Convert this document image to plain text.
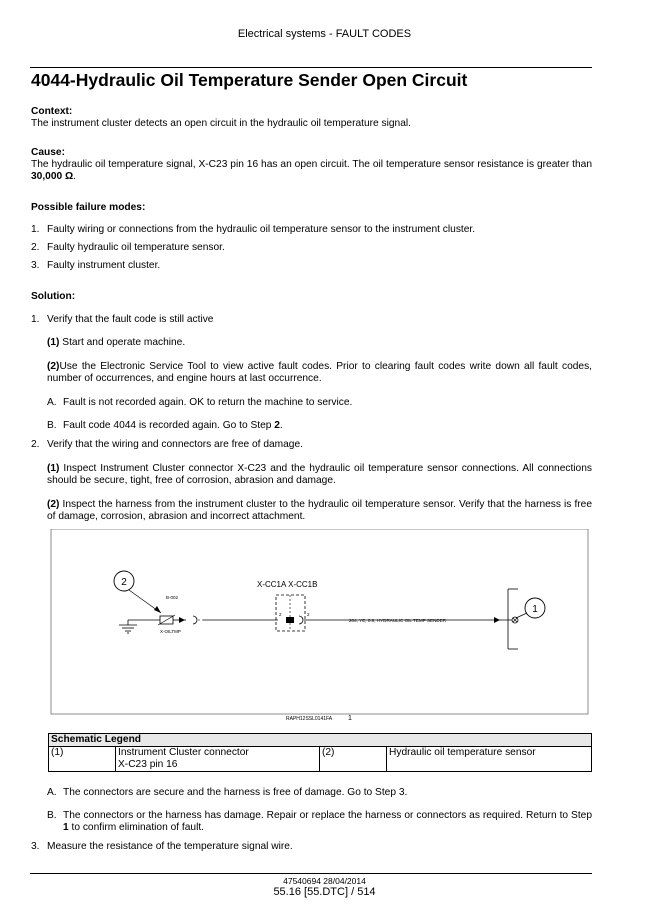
Electrical systems - FAULT CODES
4044-Hydraulic Oil Temperature Sender Open Circuit
Context:
The instrument cluster detects an open circuit in the hydraulic oil temperature signal.
Cause:
The hydraulic oil temperature signal, X-C23 pin 16 has an open circuit. The oil temperature sensor resistance is greater than 30,000 Ω.
Possible failure modes:
1. Faulty wiring or connections from the hydraulic oil temperature sensor to the instrument cluster.
2. Faulty hydraulic oil temperature sensor.
3. Faulty instrument cluster.
Solution:
1. Verify that the fault code is still active
(1) Start and operate machine.
(2)Use the Electronic Service Tool to view active fault codes. Prior to clearing fault codes write down all fault codes, number of occurrences, and engine hours at last occurrence.
A. Fault is not recorded again. OK to return the machine to service.
B. Fault code 4044 is recorded again. Go to Step 2.
2. Verify that the wiring and connectors are free of damage.
(1) Inspect Instrument Cluster connector X-C23 and the hydraulic oil temperature sensor connections. All connections should be secure, tight, free of corrosion, abrasion and damage.
(2) Inspect the harness from the instrument cluster to the hydraulic oil temperature sensor. Verify that the harness is free of damage, corrosion, abrasion and incorrect attachment.
2
B-002
X-OILTMP
X-CC1A X-CC1B
2	2
204, YE, 0.8, HYDRAULIC OIL TEMP SENDER
1
RAPH12SSL0141FA 1
Schematic Legend
(1)	Instrument Cluster connector
X-C23 pin 16
	(2)	Hydraulic oil temperature sensor
A. The connectors are secure and the harness is free of damage. Go to Step 3.
B. The connectors or the harness has damage. Repair or replace the harness or connectors as required. Return to Step 1 to confirm elimination of fault.
3. Measure the resistance of the temperature signal wire.
47540694 28/04/2014
55.16 [55.DTC] / 514
